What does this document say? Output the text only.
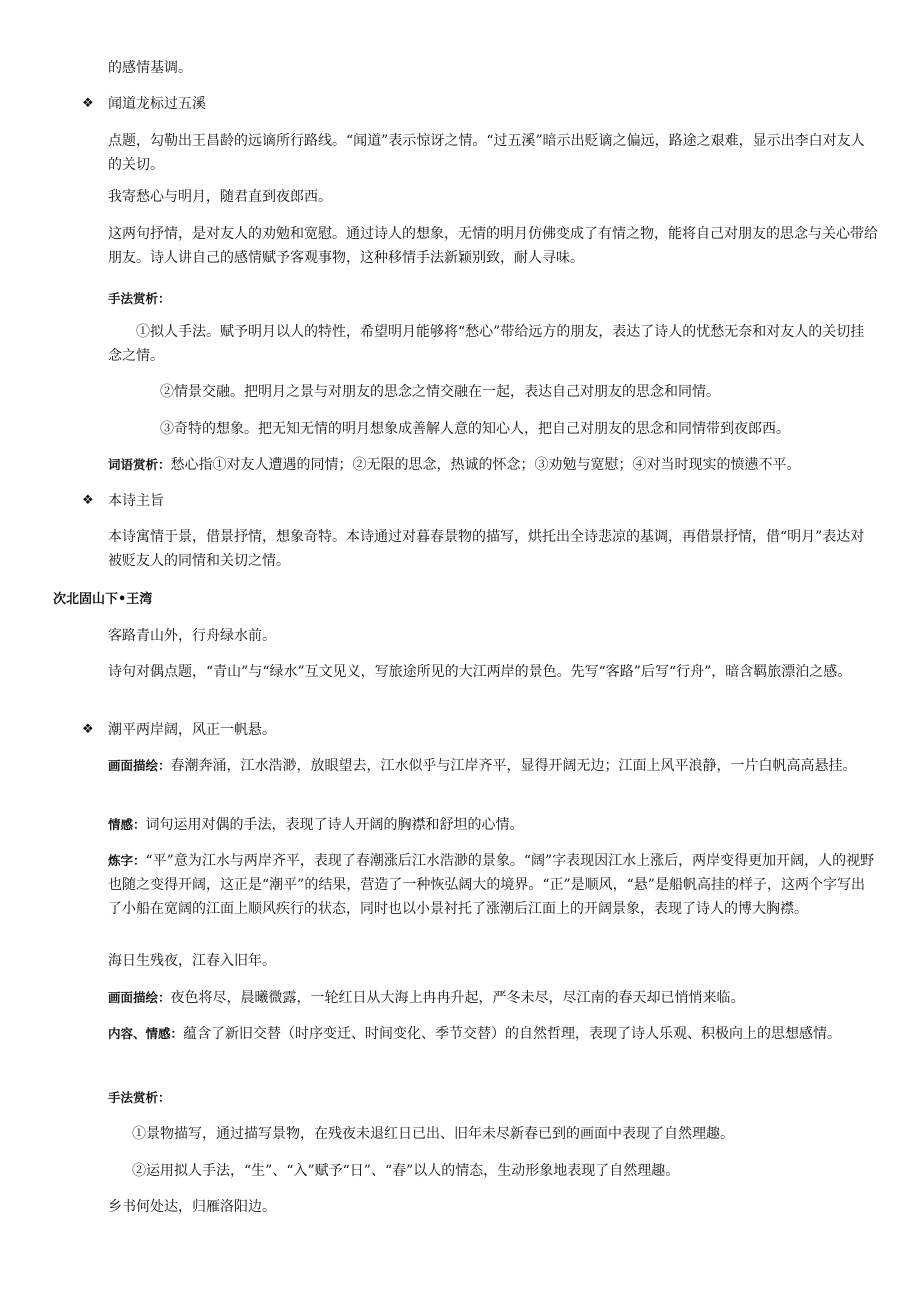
的感情基调。

❖ 闻道龙标过五溪

点题，勾勒出王昌龄的远谪所行路线。“闻道”表示惊讶之情。“过五溪”暗示出贬谪之偏远，路途之艰难，显示出李白对友人的关切。

我寄愁心与明月，随君直到夜郎西。

这两句抒情，是对友人的劝勉和宽慰。通过诗人的想象，无情的明月仿佛变成了有情之物，能将自己对朋友的思念与关心带给朋友。诗人讲自己的感情赋予客观事物，这种移情手法新颖别致，耐人寻味。

手法赏析：

①拟人手法。赋予明月以人的特性，希望明月能够将“愁心”带给远方的朋友，表达了诗人的忧愁无奈和对友人的关切挂念之情。

②情景交融。把明月之景与对朋友的思念之情交融在一起，表达自己对朋友的思念和同情。

③奇特的想象。把无知无情的明月想象成善解人意的知心人，把自己对朋友的思念和同情带到夜郎西。

词语赏析：愁心指①对友人遭遇的同情；②无限的思念，热诚的怀念；③劝勉与宽慰；④对当时现实的愤懑不平。

❖ 本诗主旨

本诗寓情于景，借景抒情，想象奇特。本诗通过对暮春景物的描写，烘托出全诗悲凉的基调，再借景抒情，借“明月”表达对被贬友人的同情和关切之情。

次北固山下•王湾

客路青山外，行舟绿水前。

诗句对偶点题，“青山”与“绿水”互文见义，写旅途所见的大江两岸的景色。先写“客路”后写“行舟”，暗含羁旅漂泊之感。

❖ 潮平两岸阔，风正一帆悬。

画面描绘：春潮奔涌，江水浩渺，放眼望去，江水似乎与江岸齐平，显得开阔无边；江面上风平浪静，一片白帆高高悬挂。

情感：词句运用对偶的手法，表现了诗人开阔的胸襟和舒坦的心情。

炼字：“平”意为江水与两岸齐平，表现了春潮涨后江水浩渺的景象。“阔”字表现因江水上涨后，两岸变得更加开阔，人的视野也随之变得开阔，这正是“潮平”的结果，营造了一种恢弘阔大的境界。“正”是顺风，“悬”是船帆高挂的样子，这两个字写出了小船在宽阔的江面上顺风疾行的状态，同时也以小景衬托了涨潮后江面上的开阔景象，表现了诗人的博大胸襟。

海日生残夜，江春入旧年。

画面描绘：夜色将尽，晨曦微露，一轮红日从大海上冉冉升起，严冬未尽，尽江南的春天却已悄悄来临。

内容、情感：蕴含了新旧交替（时序变迁、时间变化、季节交替）的自然哲理，表现了诗人乐观、积极向上的思想感情。

手法赏析：

①景物描写，通过描写景物，在残夜未退红日已出、旧年未尽新春已到的画面中表现了自然理趣。

②运用拟人手法，“生”、“入”赋予“日”、“春”以人的情态，生动形象地表现了自然理趣。

乡书何处达，归雁洛阳边。
